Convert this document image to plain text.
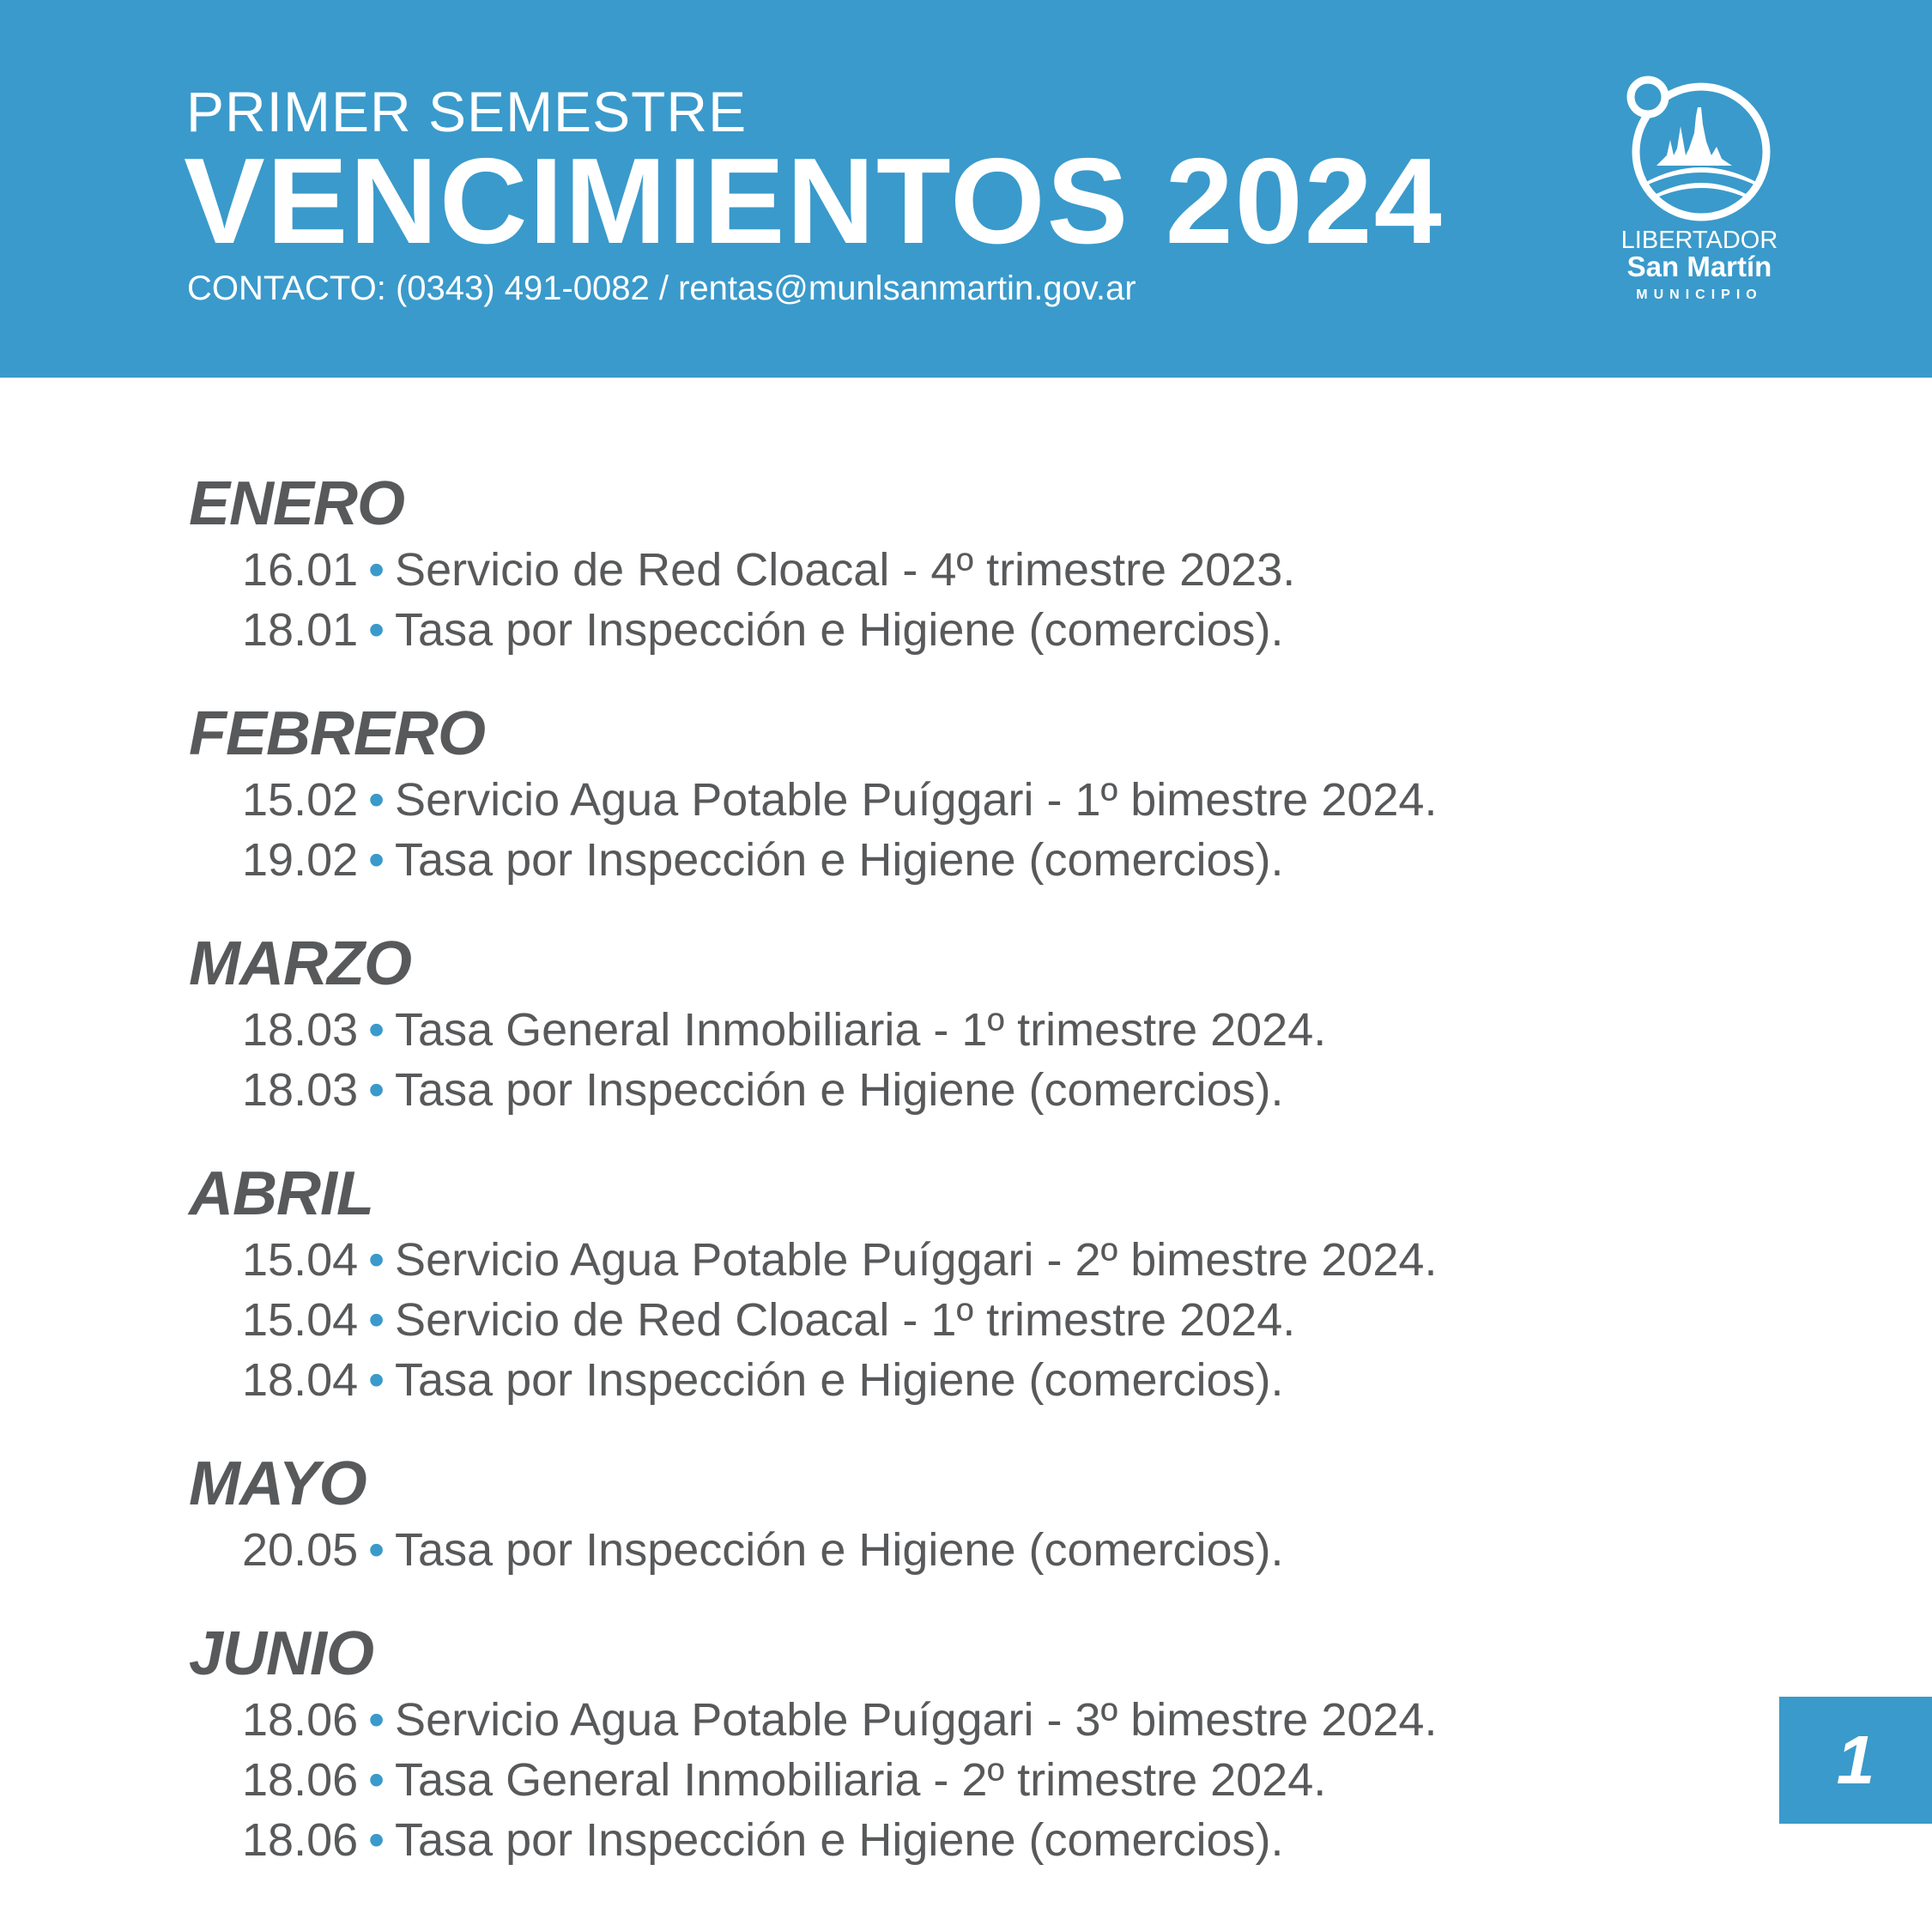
PRIMER SEMESTRE
VENCIMIENTOS 2024
CONTACTO: (0343) 491-0082 / rentas@munlsanmartin.gov.ar
LIBERTADOR
San Martín
MUNICIPIO
ENERO
16.01 • Servicio de Red Cloacal - 4º trimestre 2023.
18.01 • Tasa por Inspección e Higiene (comercios).
FEBRERO
15.02 • Servicio Agua Potable Puíggari - 1º bimestre 2024.
19.02 • Tasa por Inspección e Higiene (comercios).
MARZO
18.03 • Tasa General Inmobiliaria - 1º trimestre 2024.
18.03 • Tasa por Inspección e Higiene (comercios).
ABRIL
15.04 • Servicio Agua Potable Puíggari - 2º bimestre 2024.
15.04 • Servicio de Red Cloacal - 1º trimestre 2024.
18.04 • Tasa por Inspección e Higiene (comercios).
MAYO
20.05 • Tasa por Inspección e Higiene (comercios).
JUNIO
18.06 • Servicio Agua Potable Puíggari - 3º bimestre 2024.
18.06 • Tasa General Inmobiliaria - 2º trimestre 2024.
18.06 • Tasa por Inspección e Higiene (comercios).
1
